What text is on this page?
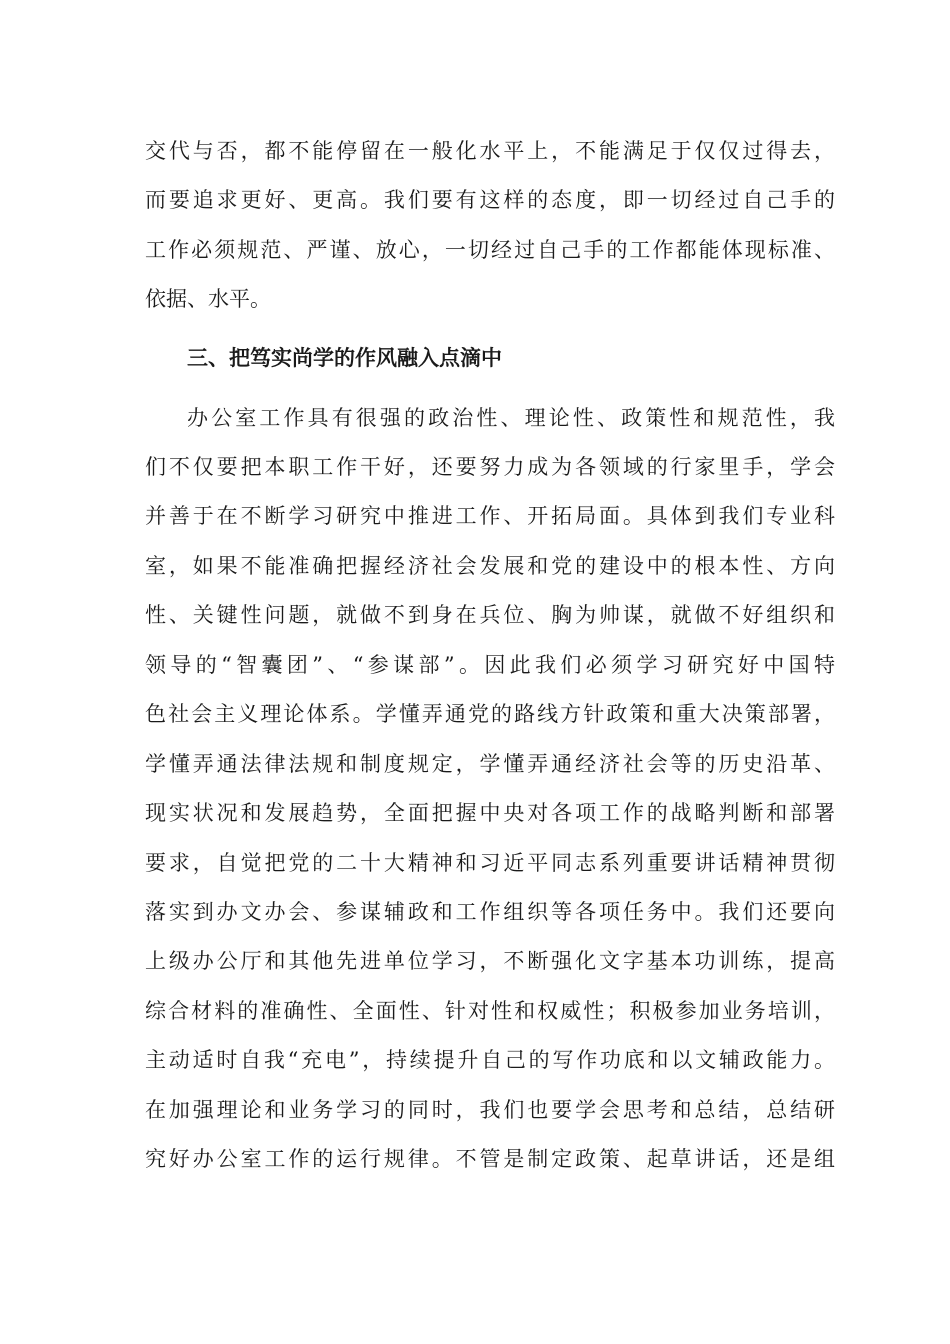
交代与否，都不能停留在一般化水平上，不能满足于仅仅过得去，
而要追求更好、更高。我们要有这样的态度，即一切经过自己手的
工作必须规范、严谨、放心，一切经过自己手的工作都能体现标准、
依据、水平。
三、把笃实尚学的作风融入点滴中
办公室工作具有很强的政治性、理论性、政策性和规范性，我
们不仅要把本职工作干好，还要努力成为各领域的行家里手，学会
并善于在不断学习研究中推进工作、开拓局面。具体到我们专业科
室，如果不能准确把握经济社会发展和党的建设中的根本性、方向
性、关键性问题，就做不到身在兵位、胸为帅谋，就做不好组织和
领导的“智囊团”、“参谋部”。因此我们必须学习研究好中国特
色社会主义理论体系。学懂弄通党的路线方针政策和重大决策部署，
学懂弄通法律法规和制度规定，学懂弄通经济社会等的历史沿革、
现实状况和发展趋势，全面把握中央对各项工作的战略判断和部署
要求，自觉把党的二十大精神和习近平同志系列重要讲话精神贯彻
落实到办文办会、参谋辅政和工作组织等各项任务中。我们还要向
上级办公厅和其他先进单位学习，不断强化文字基本功训练，提高
综合材料的准确性、全面性、针对性和权威性；积极参加业务培训，
主动适时自我“充电”，持续提升自己的写作功底和以文辅政能力。
在加强理论和业务学习的同时，我们也要学会思考和总结，总结研
究好办公室工作的运行规律。不管是制定政策、起草讲话，还是组
